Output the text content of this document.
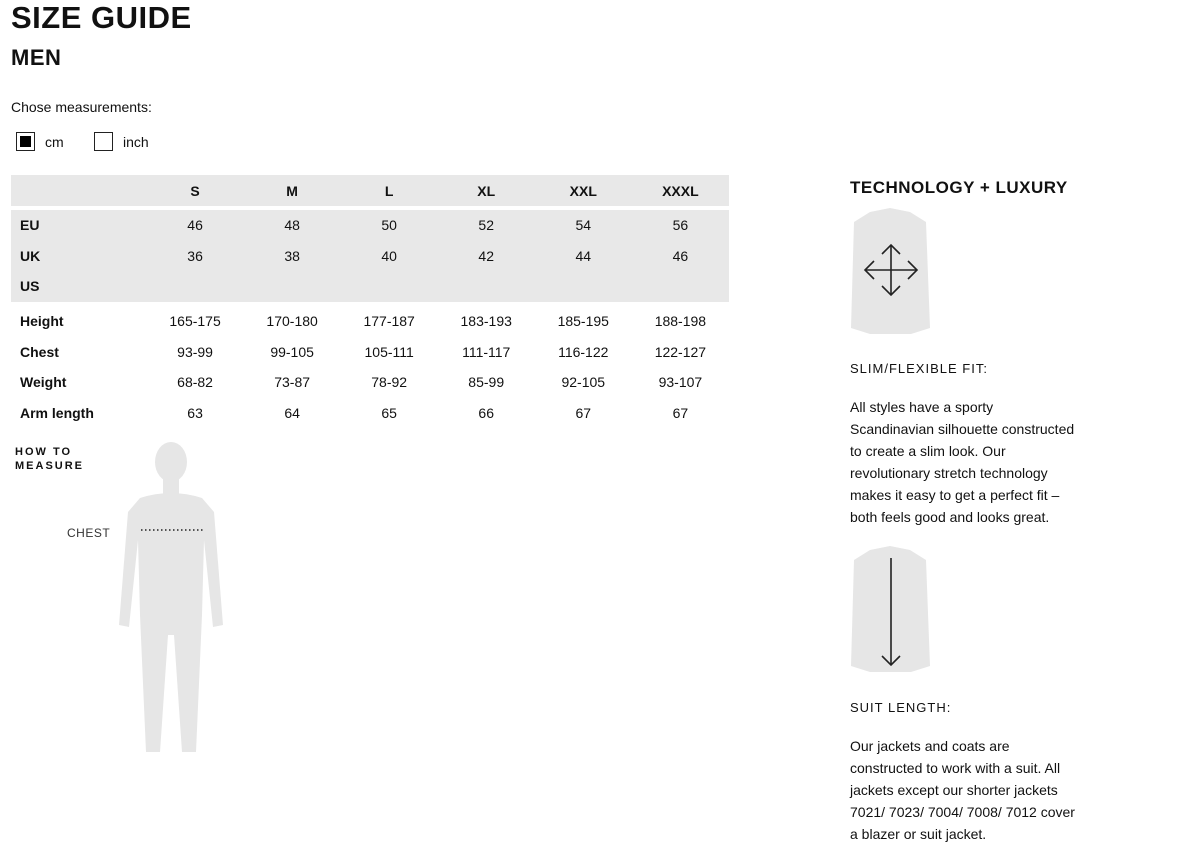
SIZE GUIDE
MEN
Chose measurements:
cm	inch
	S	M	L	XL	XXL	XXXL

EU	46	48	50	52	54	56
UK	36	38	40	42	44	46
US						

Height	165-175	170-180	177-187	183-193	185-195	188-198
Chest	93-99	99-105	105-111	111-117	116-122	122-127
Weight	68-82	73-87	78-92	85-99	92-105	93-107
Arm length	63	64	65	66	67	67
HOW TO
MEASURE
CHEST
TECHNOLOGY + LUXURY
SLIM/FLEXIBLE FIT:
All styles have a sporty
Scandinavian silhouette constructed
to create a slim look. Our
revolutionary stretch technology
makes it easy to get a perfect fit –
both feels good and looks great.
SUIT LENGTH:
Our jackets and coats are
constructed to work with a suit. All
jackets except our shorter jackets
7021/ 7023/ 7004/ 7008/ 7012 cover
a blazer or suit jacket.
